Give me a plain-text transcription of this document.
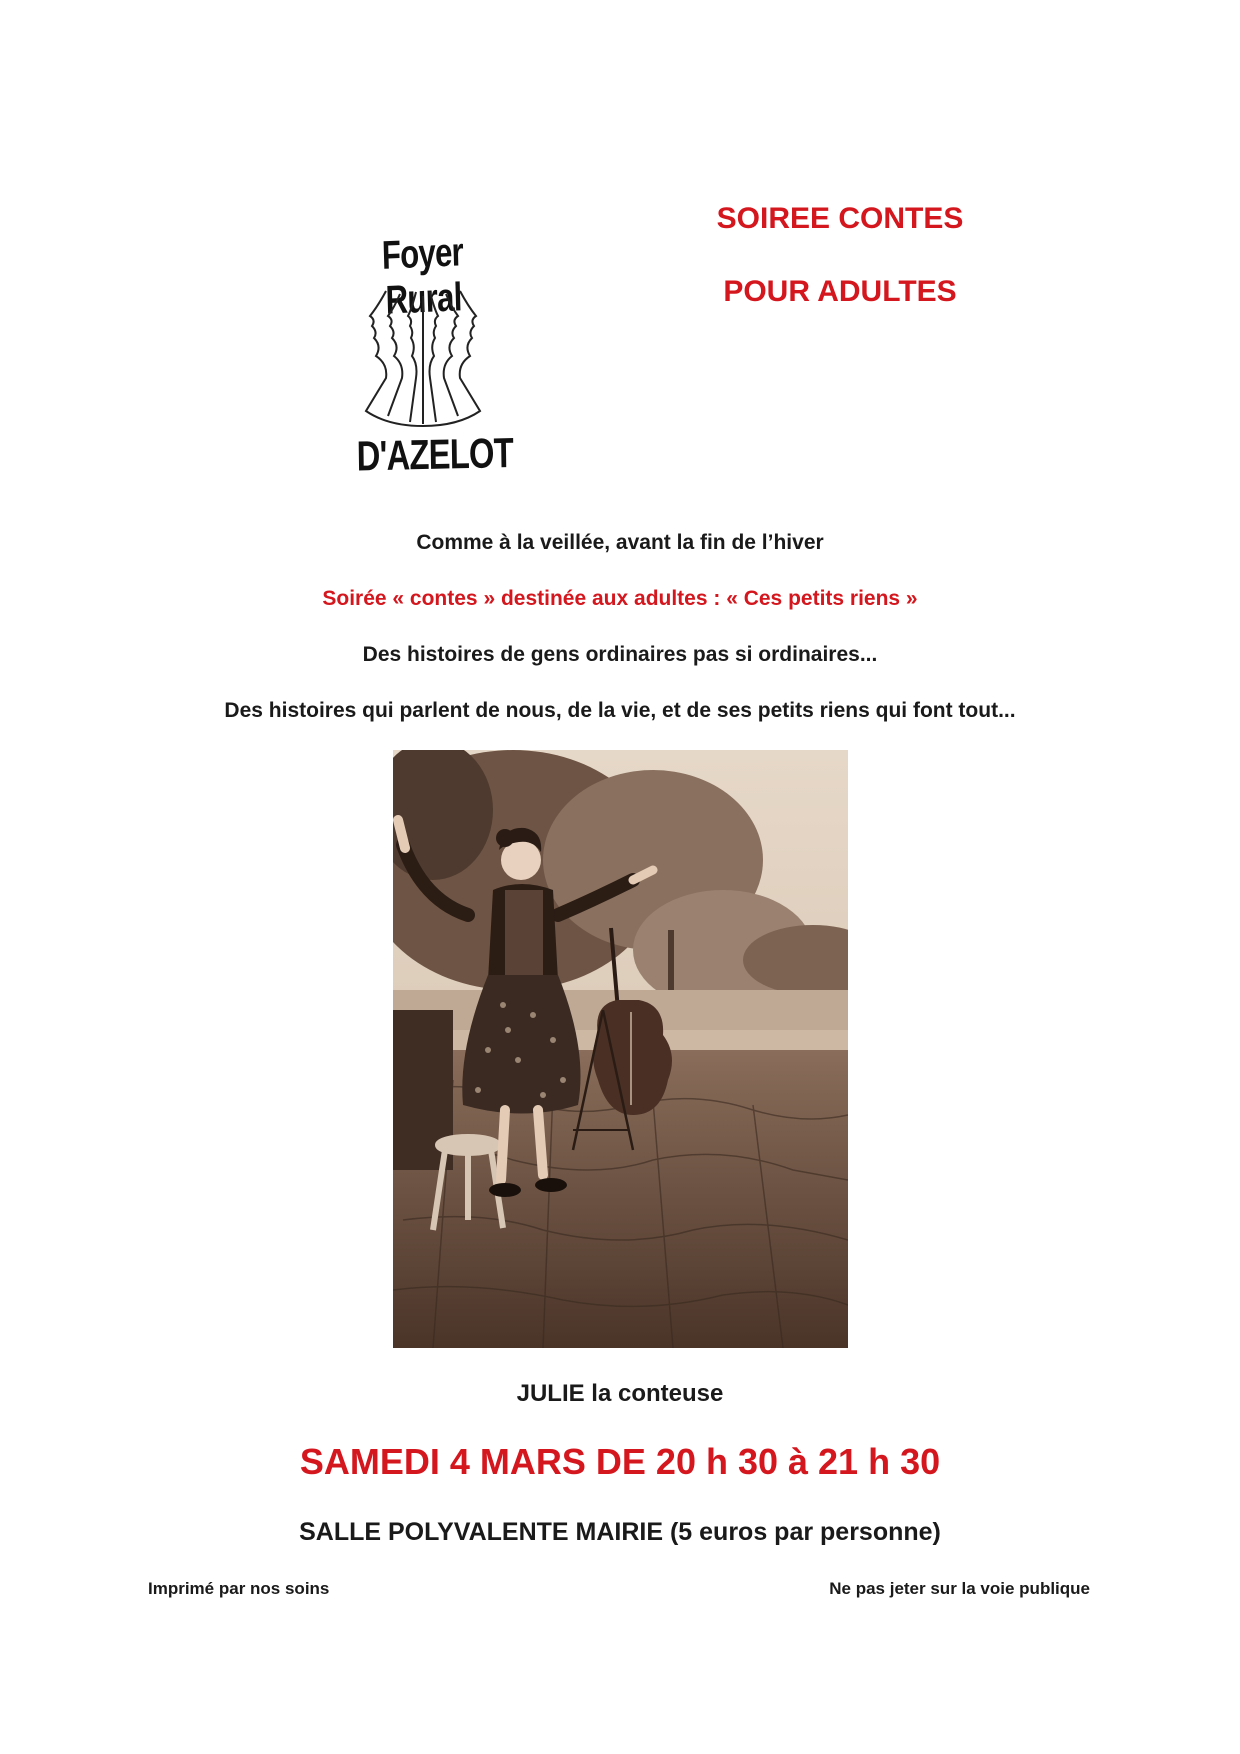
Foyer Rural
D'AZELOT
SOIREE CONTES
POUR ADULTES
Comme à la veillée, avant la fin de l’hiver
Soirée « contes » destinée aux adultes : « Ces petits riens »
Des histoires de gens ordinaires pas si ordinaires...
Des histoires qui parlent de nous, de la vie, et de ses petits riens qui font tout...
JULIE la conteuse
SAMEDI 4 MARS DE 20 h 30 à 21 h 30
SALLE POLYVALENTE MAIRIE (5 euros par personne)
Imprimé par nos soins	Ne pas jeter sur la voie publique
